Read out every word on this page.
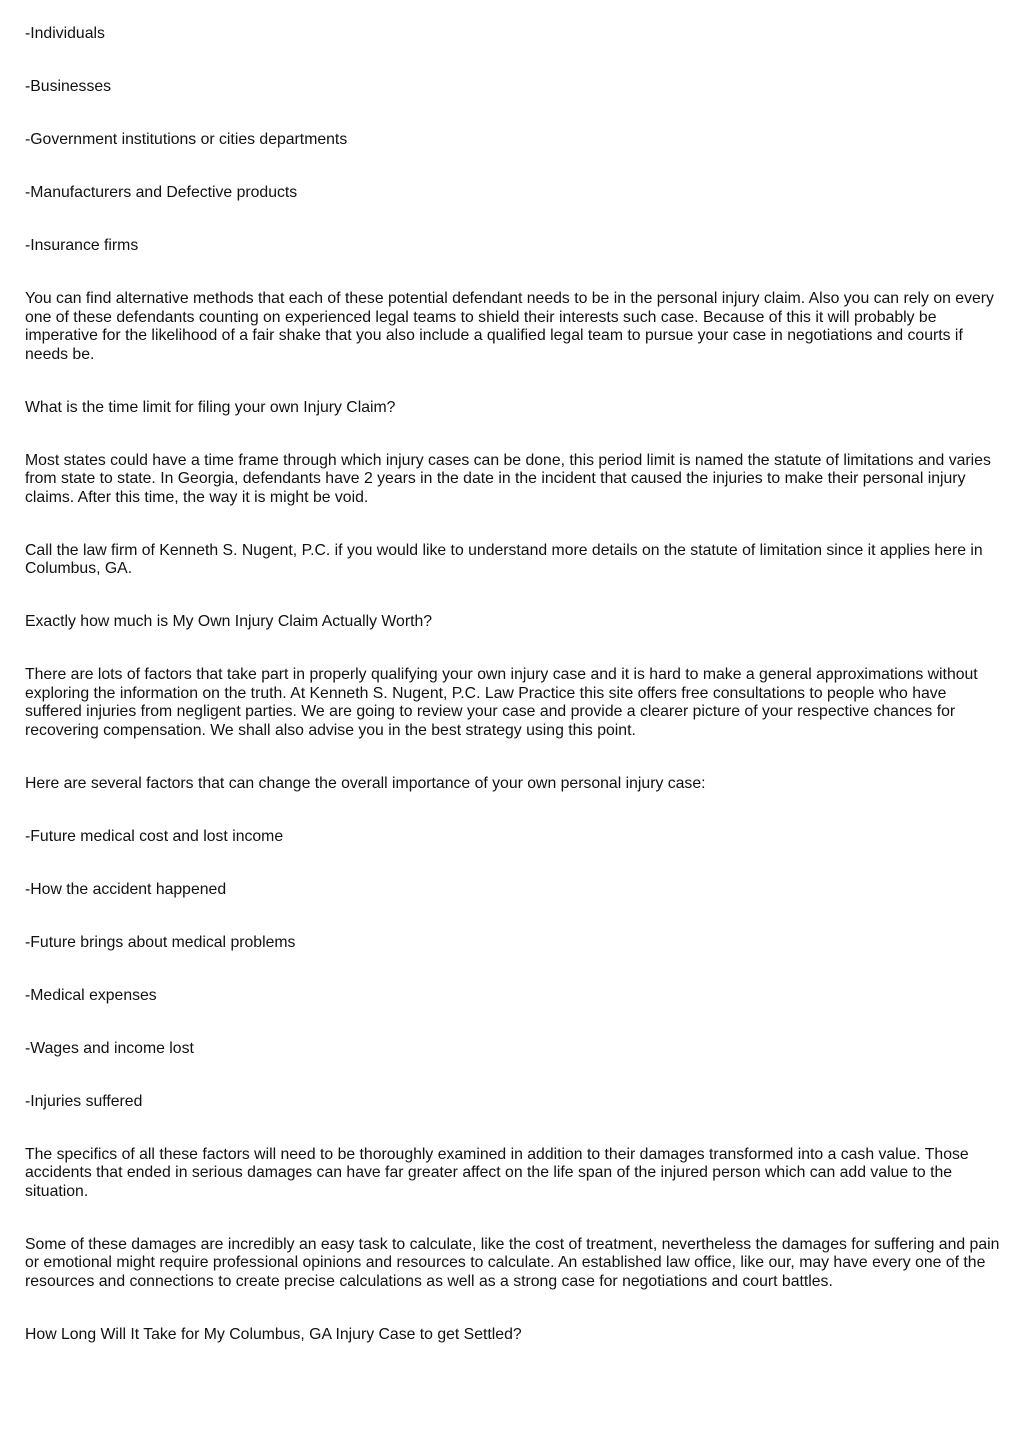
-Individuals

-Businesses

-Government institutions or cities departments

-Manufacturers and Defective products

-Insurance firms

You can find alternative methods that each of these potential defendant needs to be in the personal injury claim. Also you can rely on every one of these defendants counting on experienced legal teams to shield their interests such case. Because of this it will probably be imperative for the likelihood of a fair shake that you also include a qualified legal team to pursue your case in negotiations and courts if needs be.

What is the time limit for filing your own Injury Claim?

Most states could have a time frame through which injury cases can be done, this period limit is named the statute of limitations and varies from state to state. In Georgia, defendants have 2 years in the date in the incident that caused the injuries to make their personal injury claims. After this time, the way it is might be void.

Call the law firm of Kenneth S. Nugent, P.C. if you would like to understand more details on the statute of limitation since it applies here in Columbus, GA.

Exactly how much is My Own Injury Claim Actually Worth?

There are lots of factors that take part in properly qualifying your own injury case and it is hard to make a general approximations without exploring the information on the truth. At Kenneth S. Nugent, P.C. Law Practice this site offers free consultations to people who have suffered injuries from negligent parties. We are going to review your case and provide a clearer picture of your respective chances for recovering compensation. We shall also advise you in the best strategy using this point.

Here are several factors that can change the overall importance of your own personal injury case:

-Future medical cost and lost income

-How the accident happened

-Future brings about medical problems

-Medical expenses

-Wages and income lost

-Injuries suffered

The specifics of all these factors will need to be thoroughly examined in addition to their damages transformed into a cash value. Those accidents that ended in serious damages can have far greater affect on the life span of the injured person which can add value to the situation.

Some of these damages are incredibly an easy task to calculate, like the cost of treatment, nevertheless the damages for suffering and pain or emotional might require professional opinions and resources to calculate. An established law office, like our, may have every one of the resources and connections to create precise calculations as well as a strong case for negotiations and court battles.

How Long Will It Take for My Columbus, GA Injury Case to get Settled?
